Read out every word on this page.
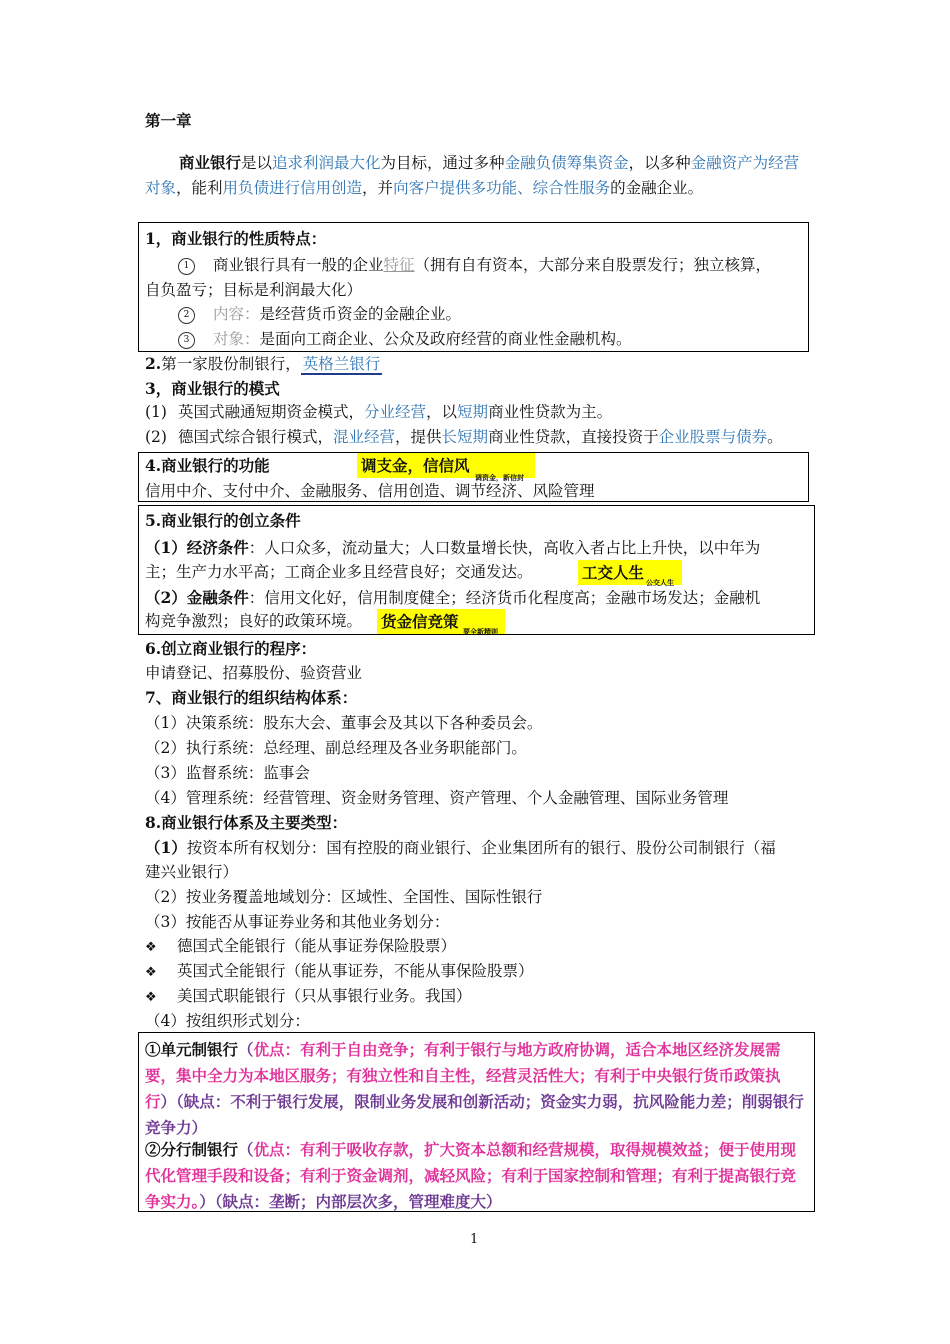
第一章
商业银行是以追求利润最大化为目标，通过多种金融负债筹集资金，以多种金融资产为经营对象，能利用负债进行信用创造，并向客户提供多功能、综合性服务的金融企业。
1，商业银行的性质特点：
1 商业银行具有一般的企业特征（拥有自有资本，大部分来自股票发行；独立核算，
自负盈亏；目标是利润最大化）
2 内容：是经营货币资金的金融企业。
3 对象：是面向工商企业、公众及政府经营的商业性金融机构。
2.第一家股份制银行， 英格兰银行
3，商业银行的模式
(1) 英国式融通短期资金模式，分业经营，以短期商业性贷款为主。
(2) 德国式综合银行模式，混业经营，提供长短期商业性贷款，直接投资于企业股票与债券。
4.商业银行的功能	调支金，信信风
调资金，新信封
信用中介、支付中介、金融服务、信用创造、调节经济、风险管理
5.商业银行的创立条件
（1）经济条件：人口众多，流动量大；人口数量增长快，高收入者占比上升快，以中年为
主；生产力水平高；工商企业多且经营良好；交通发达。	工交人生
公交人生
（2）金融条件：信用文化好，信用制度健全；经济货币化程度高；金融市场发达；金融机
构竞争激烈；良好的政策环境。 货金信竞策
要全新精则
6.创立商业银行的程序：
申请登记、招募股份、验资营业
7、商业银行的组织结构体系：
（1）决策系统：股东大会、董事会及其以下各种委员会。
（2）执行系统：总经理、副总经理及各业务职能部门。
（3）监督系统：监事会
（4）管理系统：经营管理、资金财务管理、资产管理、个人金融管理、国际业务管理
8.商业银行体系及主要类型：
（1）按资本所有权划分：国有控股的商业银行、企业集团所有的银行、股份公司制银行（福
建兴业银行）
（2）按业务覆盖地域划分：区域性、全国性、国际性银行
（3）按能否从事证券业务和其他业务划分：
❖ 德国式全能银行（能从事证券保险股票）
❖ 英国式全能银行（能从事证券，不能从事保险股票）
❖ 美国式职能银行（只从事银行业务。我国）
（4）按组织形式划分：
①单元制银行（优点：有利于自由竞争；有利于银行与地方政府协调，适合本地区经济发展需要，集中全力为本地区服务；有独立性和自主性，经营灵活性大；有利于中央银行货币政策执行）（缺点：不利于银行发展，限制业务发展和创新活动；资金实力弱，抗风险能力差；削弱银行竞争力）
②分行制银行（优点：有利于吸收存款，扩大资本总额和经营规模，取得规模效益；便于使用现代化管理手段和设备；有利于资金调剂，减轻风险；有利于国家控制和管理；有利于提高银行竞争实力。）（缺点：垄断；内部层次多，管理难度大）
1
